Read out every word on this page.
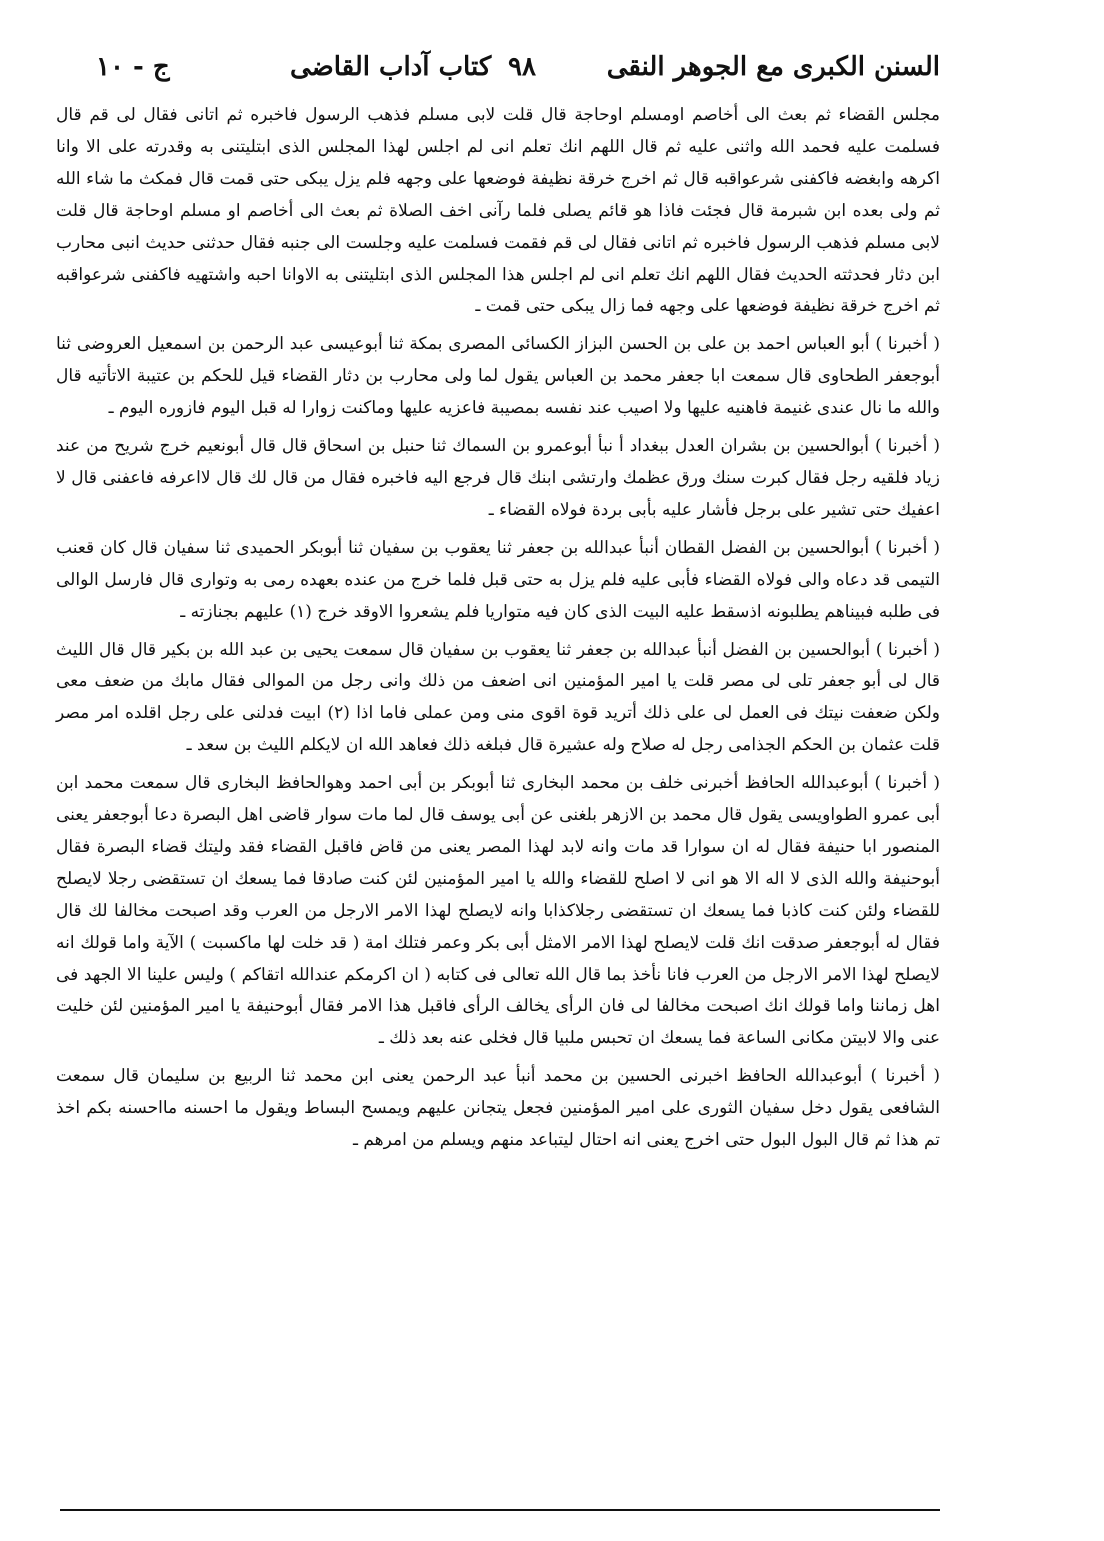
السنن الكبرى مع الجوهر النقى
٩٨
كتاب آداب القاضى
ج - ١٠

مجلس القضاء ثم بعث الى أخاصم اومسلم اوحاجة قال قلت لابى مسلم فذهب الرسول فاخبره ثم اتانى فقال لى قم قال فسلمت عليه فحمد الله واثنى عليه ثم قال اللهم انك تعلم انى لم اجلس لهذا المجلس الذى ابتليتنى به وقدرته على الا وانا اكرهه وابغضه فاكفنى شرعواقبه قال ثم اخرج خرقة نظيفة فوضعها على وجهه فلم يزل يبكى حتى قمت قال فمكث ما شاء الله ثم ولى بعده ابن شبرمة قال فجئت فاذا هو قائم يصلى فلما رآنى اخف الصلاة ثم بعث الى أخاصم او مسلم اوحاجة قال قلت لابى مسلم فذهب الرسول فاخبره ثم اتانى فقال لى قم فقمت فسلمت عليه وجلست الى جنبه فقال حدثنى حديث انبى محارب ابن دثار فحدثته الحديث فقال اللهم انك تعلم انى لم اجلس هذا المجلس الذى ابتليتنى به الاوانا احبه واشتهيه فاكفنى شرعواقبه ثم اخرج خرقة نظيفة فوضعها على وجهه فما زال يبكى حتى قمت ـ

( أخبرنا ) أبو العباس احمد بن على بن الحسن البزاز الكسائى المصرى بمكة ثنا أبوعيسى عبد الرحمن بن اسمعيل العروضى ثنا أبوجعفر الطحاوى قال سمعت ابا جعفر محمد بن العباس يقول لما ولى محارب بن دثار القضاء قيل للحكم بن عتيبة الاتأتيه قال والله ما نال عندى غنيمة فاهنيه عليها ولا اصيب عند نفسه بمصيبة فاعزيه عليها وماكنت زوارا له قبل اليوم فازوره اليوم ـ

( أخبرنا ) أبوالحسين بن بشران العدل ببغداد أ نبأ أبوعمرو بن السماك ثنا حنبل بن اسحاق قال قال أبونعيم خرج شريح من عند زياد فلقيه رجل فقال كبرت سنك ورق عظمك وارتشى ابنك قال فرجع اليه فاخبره فقال من قال لك قال لااعرفه فاعفنى قال لا اعفيك حتى تشير على برجل فأشار عليه بأبى بردة فولاه القضاء ـ

( أخبرنا ) أبوالحسين بن الفضل القطان أنبأ عبدالله بن جعفر ثنا يعقوب بن سفيان ثنا أبوبكر الحميدى ثنا سفيان قال كان قعنب التيمى قد دعاه والى فولاه القضاء فأبى عليه فلم يزل به حتى قبل فلما خرج من عنده بعهده رمى به وتوارى قال فارسل الوالى فى طلبه فبيناهم يطلبونه اذسقط عليه البيت الذى كان فيه متواريا فلم يشعروا الاوقد خرج (١) عليهم بجنازته ـ

( أخبرنا ) أبوالحسين بن الفضل أنبأ عبدالله بن جعفر ثنا يعقوب بن سفيان قال سمعت يحيى بن عبد الله بن بكير قال قال الليث قال لى أبو جعفر تلى لى مصر قلت يا امير المؤمنين انى اضعف من ذلك وانى رجل من الموالى فقال مابك من ضعف معى ولكن ضعفت نيتك فى العمل لى على ذلك أتريد قوة اقوى منى ومن عملى فاما اذا (٢) ابيت فدلنى على رجل اقلده امر مصر قلت عثمان بن الحكم الجذامى رجل له صلاح وله عشيرة قال فبلغه ذلك فعاهد الله ان لايكلم الليث بن سعد ـ

( أخبرنا ) أبوعبدالله الحافظ أخبرنى خلف بن محمد البخارى ثنا أبوبكر بن أبى احمد وهوالحافظ البخارى قال سمعت محمد ابن أبى عمرو الطواويسى يقول قال محمد بن الازهر بلغنى عن أبى يوسف قال لما مات سوار قاضى اهل البصرة دعا أبوجعفر يعنى المنصور ابا حنيفة فقال له ان سوارا قد مات وانه لابد لهذا المصر يعنى من قاض فاقبل القضاء فقد وليتك قضاء البصرة فقال أبوحنيفة والله الذى لا اله الا هو انى لا اصلح للقضاء والله يا امير المؤمنين لئن كنت صادقا فما يسعك ان تستقضى رجلا لايصلح للقضاء ولئن كنت كاذبا فما يسعك ان تستقضى رجلاكذابا وانه لايصلح لهذا الامر الارجل من العرب وقد اصبحت مخالفا لك قال فقال له أبوجعفر صدقت انك قلت لايصلح لهذا الامر الامثل أبى بكر وعمر فتلك امة ( قد خلت لها ماكسبت ) الآية واما قولك انه لايصلح لهذا الامر الارجل من العرب فانا نأخذ بما قال الله تعالى فى كتابه ( ان اكرمكم عندالله اتقاكم ) وليس علينا الا الجهد فى اهل زماننا واما قولك انك اصبحت مخالفا لى فان الرأى يخالف الرأى فاقبل هذا الامر فقال أبوحنيفة يا امير المؤمنين لئن خليت عنى والا لابيتن مكانى الساعة فما يسعك ان تحبس ملبيا قال فخلى عنه بعد ذلك ـ

( أخبرنا ) أبوعبدالله الحافظ اخبرنى الحسين بن محمد أنبأ عبد الرحمن يعنى ابن محمد ثنا الربيع بن سليمان قال سمعت الشافعى يقول دخل سفيان الثورى على امير المؤمنين فجعل يتجانن عليهم ويمسح البساط ويقول ما احسنه مااحسنه بكم اخذ تم هذا ثم قال البول البول حتى اخرج يعنى انه احتال ليتباعد منهم ويسلم من امرهم ـ
